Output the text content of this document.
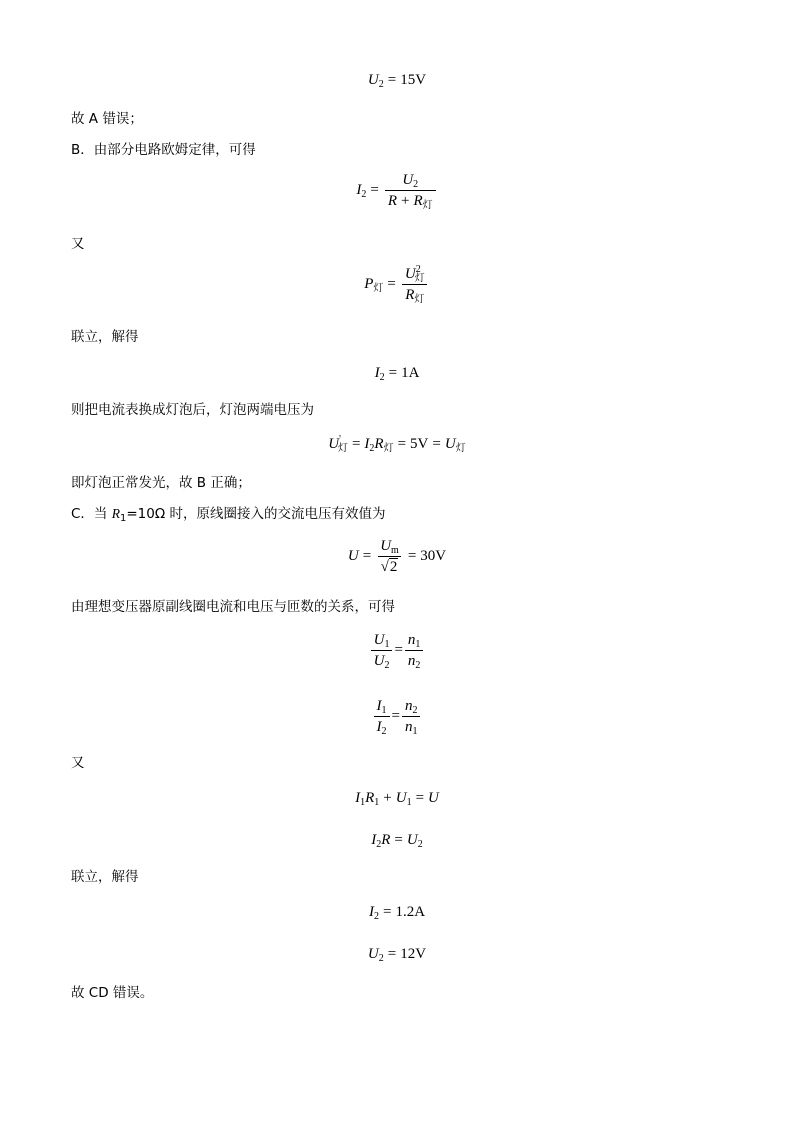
$U_2 = 15V$
故 A 错误；
B．由部分电路欧姆定律，可得
$I_2 = \frac{U_2}{R + R_灯}$
又
$P_灯 = \frac{U^2_灯}{R_灯}$
联立，解得
$I_2 = 1A$
则把电流表换成灯泡后，灯泡两端电压为
$U'_灯 = I_2R_灯 = 5V = U_灯$
即灯泡正常发光，故 B 正确；
C．当 $R_1=10\Omega$ 时，原线圈接入的交流电压有效值为
$U = \frac{U_m}{√2} = 30V$
由理想变压器原副线圈电流和电压与匝数的关系，可得
$\frac{U_1}{U_2} = \frac{n_1}{n_2}$
$\frac{I_1}{I_2} = \frac{n_2}{n_1}$
又
$I_1R_1 + U_1 = U$
$I_2R = U_2$
联立，解得
$I_2 = 1.2A$
$U_2 = 12V$
故 CD 错误。
